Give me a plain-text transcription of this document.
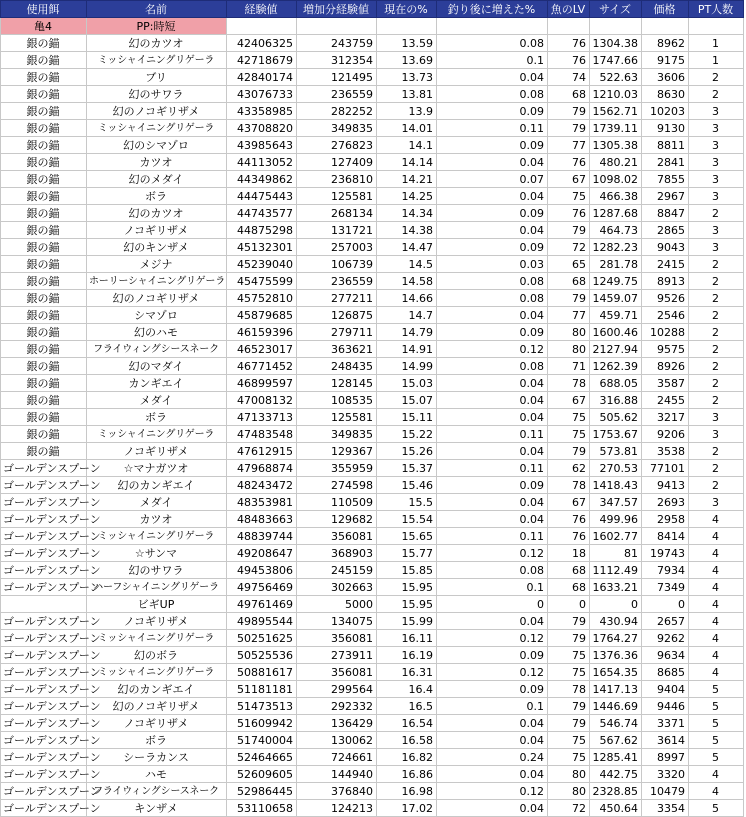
使用餌	名前	経験値	増加分経験値	現在の%	釣り後に増えた%	魚のLV	サイズ	価格	PT人数
亀4	PP:時短								
銀の錨	幻のカツオ	42406325	243759	13.59	0.08	76	1304.38	8962	1
銀の錨	ミッシャイニングリゲーラ	42718679	312354	13.69	0.1	76	1747.66	9175	1
銀の錨	ブリ	42840174	121495	13.73	0.04	74	522.63	3606	2
銀の錨	幻のサワラ	43076733	236559	13.81	0.08	68	1210.03	8630	2
銀の錨	幻のノコギリザメ	43358985	282252	13.9	0.09	79	1562.71	10203	3
銀の錨	ミッシャイニングリゲーラ	43708820	349835	14.01	0.11	79	1739.11	9130	3
銀の錨	幻のシマゾロ	43985643	276823	14.1	0.09	77	1305.38	8811	3
銀の錨	カツオ	44113052	127409	14.14	0.04	76	480.21	2841	3
銀の錨	幻のメダイ	44349862	236810	14.21	0.07	67	1098.02	7855	3
銀の錨	ボラ	44475443	125581	14.25	0.04	75	466.38	2967	3
銀の錨	幻のカツオ	44743577	268134	14.34	0.09	76	1287.68	8847	2
銀の錨	ノコギリザメ	44875298	131721	14.38	0.04	79	464.73	2865	3
銀の錨	幻のキンザメ	45132301	257003	14.47	0.09	72	1282.23	9043	3
銀の錨	メジナ	45239040	106739	14.5	0.03	65	281.78	2415	2
銀の錨	ホーリーシャイニングリゲーラ	45475599	236559	14.58	0.08	68	1249.75	8913	2
銀の錨	幻のノコギリザメ	45752810	277211	14.66	0.08	79	1459.07	9526	2
銀の錨	シマゾロ	45879685	126875	14.7	0.04	77	459.71	2546	2
銀の錨	幻のハモ	46159396	279711	14.79	0.09	80	1600.46	10288	2
銀の錨	フライウィングシースネーク	46523017	363621	14.91	0.12	80	2127.94	9575	2
銀の錨	幻のマダイ	46771452	248435	14.99	0.08	71	1262.39	8926	2
銀の錨	カンギエイ	46899597	128145	15.03	0.04	78	688.05	3587	2
銀の錨	メダイ	47008132	108535	15.07	0.04	67	316.88	2455	2
銀の錨	ボラ	47133713	125581	15.11	0.04	75	505.62	3217	3
銀の錨	ミッシャイニングリゲーラ	47483548	349835	15.22	0.11	75	1753.67	9206	3
銀の錨	ノコギリザメ	47612915	129367	15.26	0.04	79	573.81	3538	2
ゴールデンスプーン	☆マナガツオ	47968874	355959	15.37	0.11	62	270.53	77101	2
ゴールデンスプーン	幻のカンギエイ	48243472	274598	15.46	0.09	78	1418.43	9413	2
ゴールデンスプーン	メダイ	48353981	110509	15.5	0.04	67	347.57	2693	3
ゴールデンスプーン	カツオ	48483663	129682	15.54	0.04	76	499.96	2958	4
ゴールデンスプーン	ミッシャイニングリゲーラ	48839744	356081	15.65	0.11	76	1602.77	8414	4
ゴールデンスプーン	☆サンマ	49208647	368903	15.77	0.12	18	81	19743	4
ゴールデンスプーン	幻のサワラ	49453806	245159	15.85	0.08	68	1112.49	7934	4
ゴールデンスプーン	ハーフシャイニングリゲーラ	49756469	302663	15.95	0.1	68	1633.21	7349	4
	ビギUP	49761469	5000	15.95	0	0	0	0	4
ゴールデンスプーン	ノコギリザメ	49895544	134075	15.99	0.04	79	430.94	2657	4
ゴールデンスプーン	ミッシャイニングリゲーラ	50251625	356081	16.11	0.12	79	1764.27	9262	4
ゴールデンスプーン	幻のボラ	50525536	273911	16.19	0.09	75	1376.36	9634	4
ゴールデンスプーン	ミッシャイニングリゲーラ	50881617	356081	16.31	0.12	75	1654.35	8685	4
ゴールデンスプーン	幻のカンギエイ	51181181	299564	16.4	0.09	78	1417.13	9404	5
ゴールデンスプーン	幻のノコギリザメ	51473513	292332	16.5	0.1	79	1446.69	9446	5
ゴールデンスプーン	ノコギリザメ	51609942	136429	16.54	0.04	79	546.74	3371	5
ゴールデンスプーン	ボラ	51740004	130062	16.58	0.04	75	567.62	3614	5
ゴールデンスプーン	シーラカンス	52464665	724661	16.82	0.24	75	1285.41	8997	5
ゴールデンスプーン	ハモ	52609605	144940	16.86	0.04	80	442.75	3320	4
ゴールデンスプーン	フライウィングシースネーク	52986445	376840	16.98	0.12	80	2328.85	10479	4
ゴールデンスプーン	キンザメ	53110658	124213	17.02	0.04	72	450.64	3354	5
